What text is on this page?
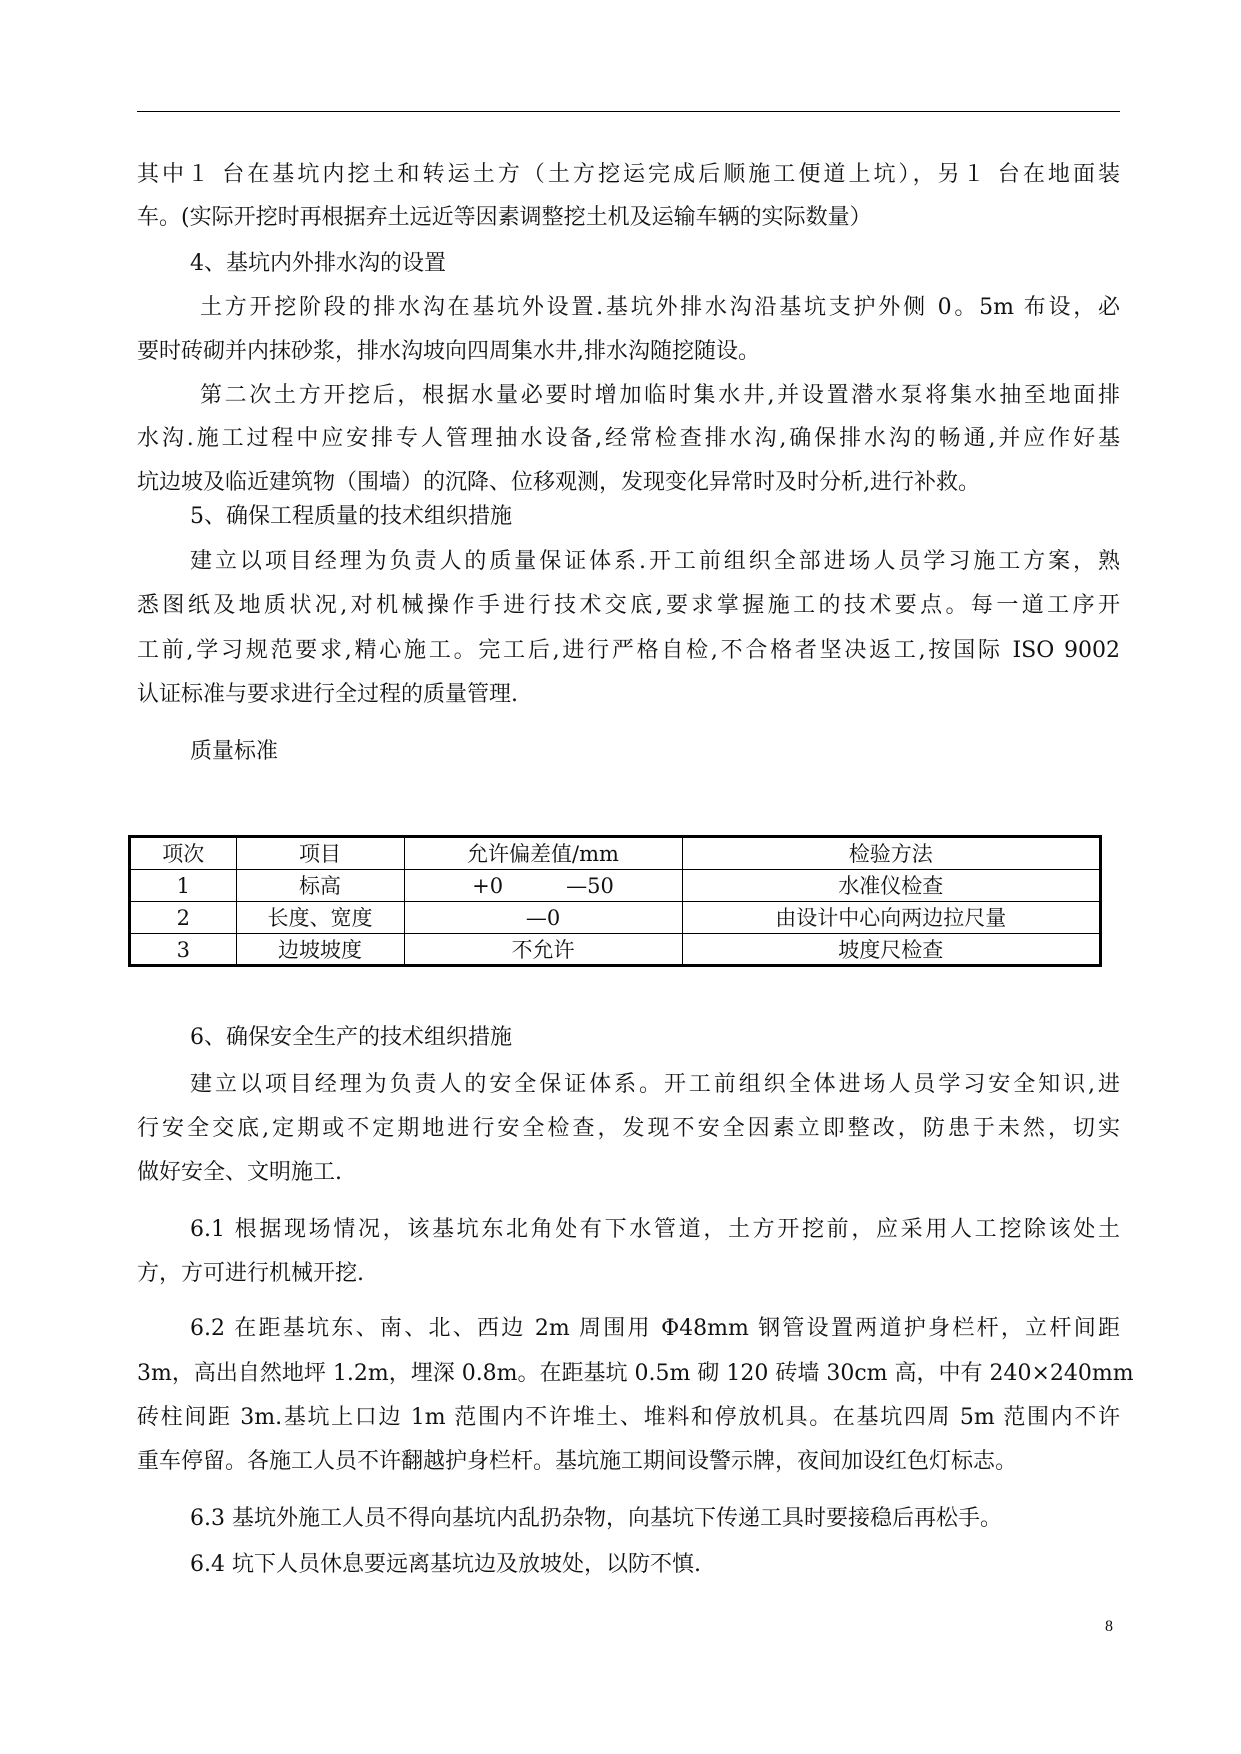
其中１ 台在基坑内挖土和转运土方（土方挖运完成后顺施工便道上坑），另１ 台在地面装
车。(实际开挖时再根据弃土远近等因素调整挖土机及运输车辆的实际数量）
4、基坑内外排水沟的设置
土方开挖阶段的排水沟在基坑外设置.基坑外排水沟沿基坑支护外侧 0。5m 布设，必
要时砖砌并内抹砂浆，排水沟坡向四周集水井,排水沟随挖随设。
第二次土方开挖后，根据水量必要时增加临时集水井,并设置潜水泵将集水抽至地面排
水沟.施工过程中应安排专人管理抽水设备,经常检查排水沟,确保排水沟的畅通,并应作好基
坑边坡及临近建筑物（围墙）的沉降、位移观测，发现变化异常时及时分析,进行补救。
5、确保工程质量的技术组织措施
建立以项目经理为负责人的质量保证体系.开工前组织全部进场人员学习施工方案，熟
悉图纸及地质状况,对机械操作手进行技术交底,要求掌握施工的技术要点。每一道工序开
工前,学习规范要求,精心施工。完工后,进行严格自检,不合格者坚决返工,按国际 ISO 9002
认证标准与要求进行全过程的质量管理.
质量标准
项次	项目	允许偏差值/mm	检验方法
1	标高	+0　　　—50	水准仪检查
2	长度、宽度	—0	由设计中心向两边拉尺量
3	边坡坡度	不允许	坡度尺检查
6、确保安全生产的技术组织措施
建立以项目经理为负责人的安全保证体系。开工前组织全体进场人员学习安全知识,进
行安全交底,定期或不定期地进行安全检查，发现不安全因素立即整改，防患于未然，切实
做好安全、文明施工.
6.1 根据现场情况，该基坑东北角处有下水管道，土方开挖前，应采用人工挖除该处土
方，方可进行机械开挖.
6.2 在距基坑东、南、北、西边 2m 周围用 Φ48mm 钢管设置两道护身栏杆，立杆间距
3m，高出自然地坪 1.2m，埋深 0.8m。在距基坑 0.5m 砌 120 砖墙 30cm 高，中有 240×240mm
砖柱间距 3m.基坑上口边 1m 范围内不许堆土、堆料和停放机具。在基坑四周 5m 范围内不许
重车停留。各施工人员不许翻越护身栏杆。基坑施工期间设警示牌，夜间加设红色灯标志。
6.3 基坑外施工人员不得向基坑内乱扔杂物，向基坑下传递工具时要接稳后再松手。
6.4 坑下人员休息要远离基坑边及放坡处，以防不慎.
8
